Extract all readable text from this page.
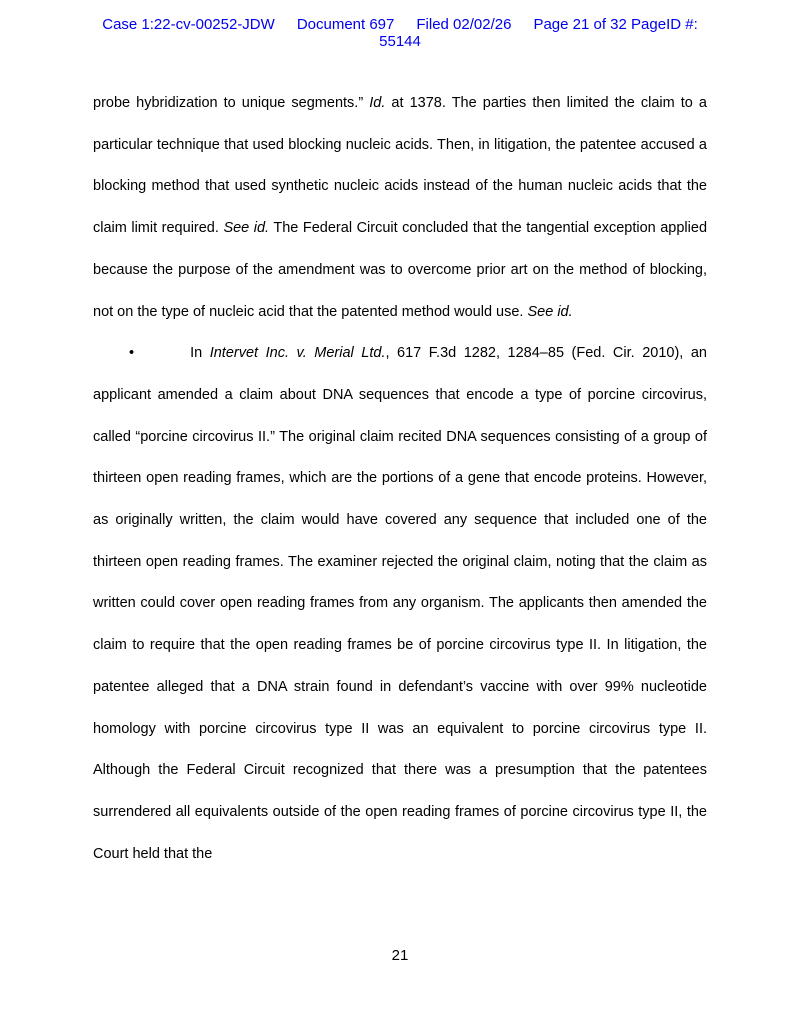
Case 1:22-cv-00252-JDW Document 697 Filed 02/02/26 Page 21 of 32 PageID #:
55144

probe hybridization to unique segments.” Id. at 1378. The parties then limited the claim to a particular technique that used blocking nucleic acids. Then, in litigation, the patentee accused a blocking method that used synthetic nucleic acids instead of the human nucleic acids that the claim limit required. See id. The Federal Circuit concluded that the tangential exception applied because the purpose of the amendment was to overcome prior art on the method of blocking, not on the type of nucleic acid that the patented method would use. See id.

•	In Intervet Inc. v. Merial Ltd., 617 F.3d 1282, 1284–85 (Fed. Cir. 2010), an applicant amended a claim about DNA sequences that encode a type of porcine circovirus, called “porcine circovirus II.” The original claim recited DNA sequences consisting of a group of thirteen open reading frames, which are the portions of a gene that encode proteins. However, as originally written, the claim would have covered any sequence that included one of the thirteen open reading frames. The examiner rejected the original claim, noting that the claim as written could cover open reading frames from any organism. The applicants then amended the claim to require that the open reading frames be of porcine circovirus type II. In litigation, the patentee alleged that a DNA strain found in defendant’s vaccine with over 99% nucleotide homology with porcine circovirus type II was an equivalent to porcine circovirus type II. Although the Federal Circuit recognized that there was a presumption that the patentees surrendered all equivalents outside of the open reading frames of porcine circovirus type II, the Court held that the

21
